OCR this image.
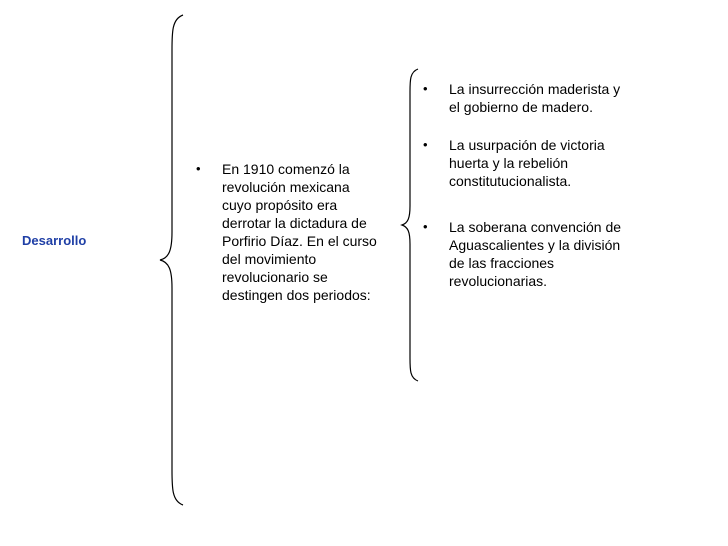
Desarrollo
• En 1910 comenzó la revolución mexicana cuyo propósito era derrotar la dictadura de Porfirio Díaz. En el curso del movimiento revolucionario se destingen dos periodos:
• La insurrección maderista y el gobierno de madero.
• La usurpación de victoria huerta y la rebelión constitutucionalista.
• La soberana convención de Aguascalientes y la división de las fracciones revolucionarias.
